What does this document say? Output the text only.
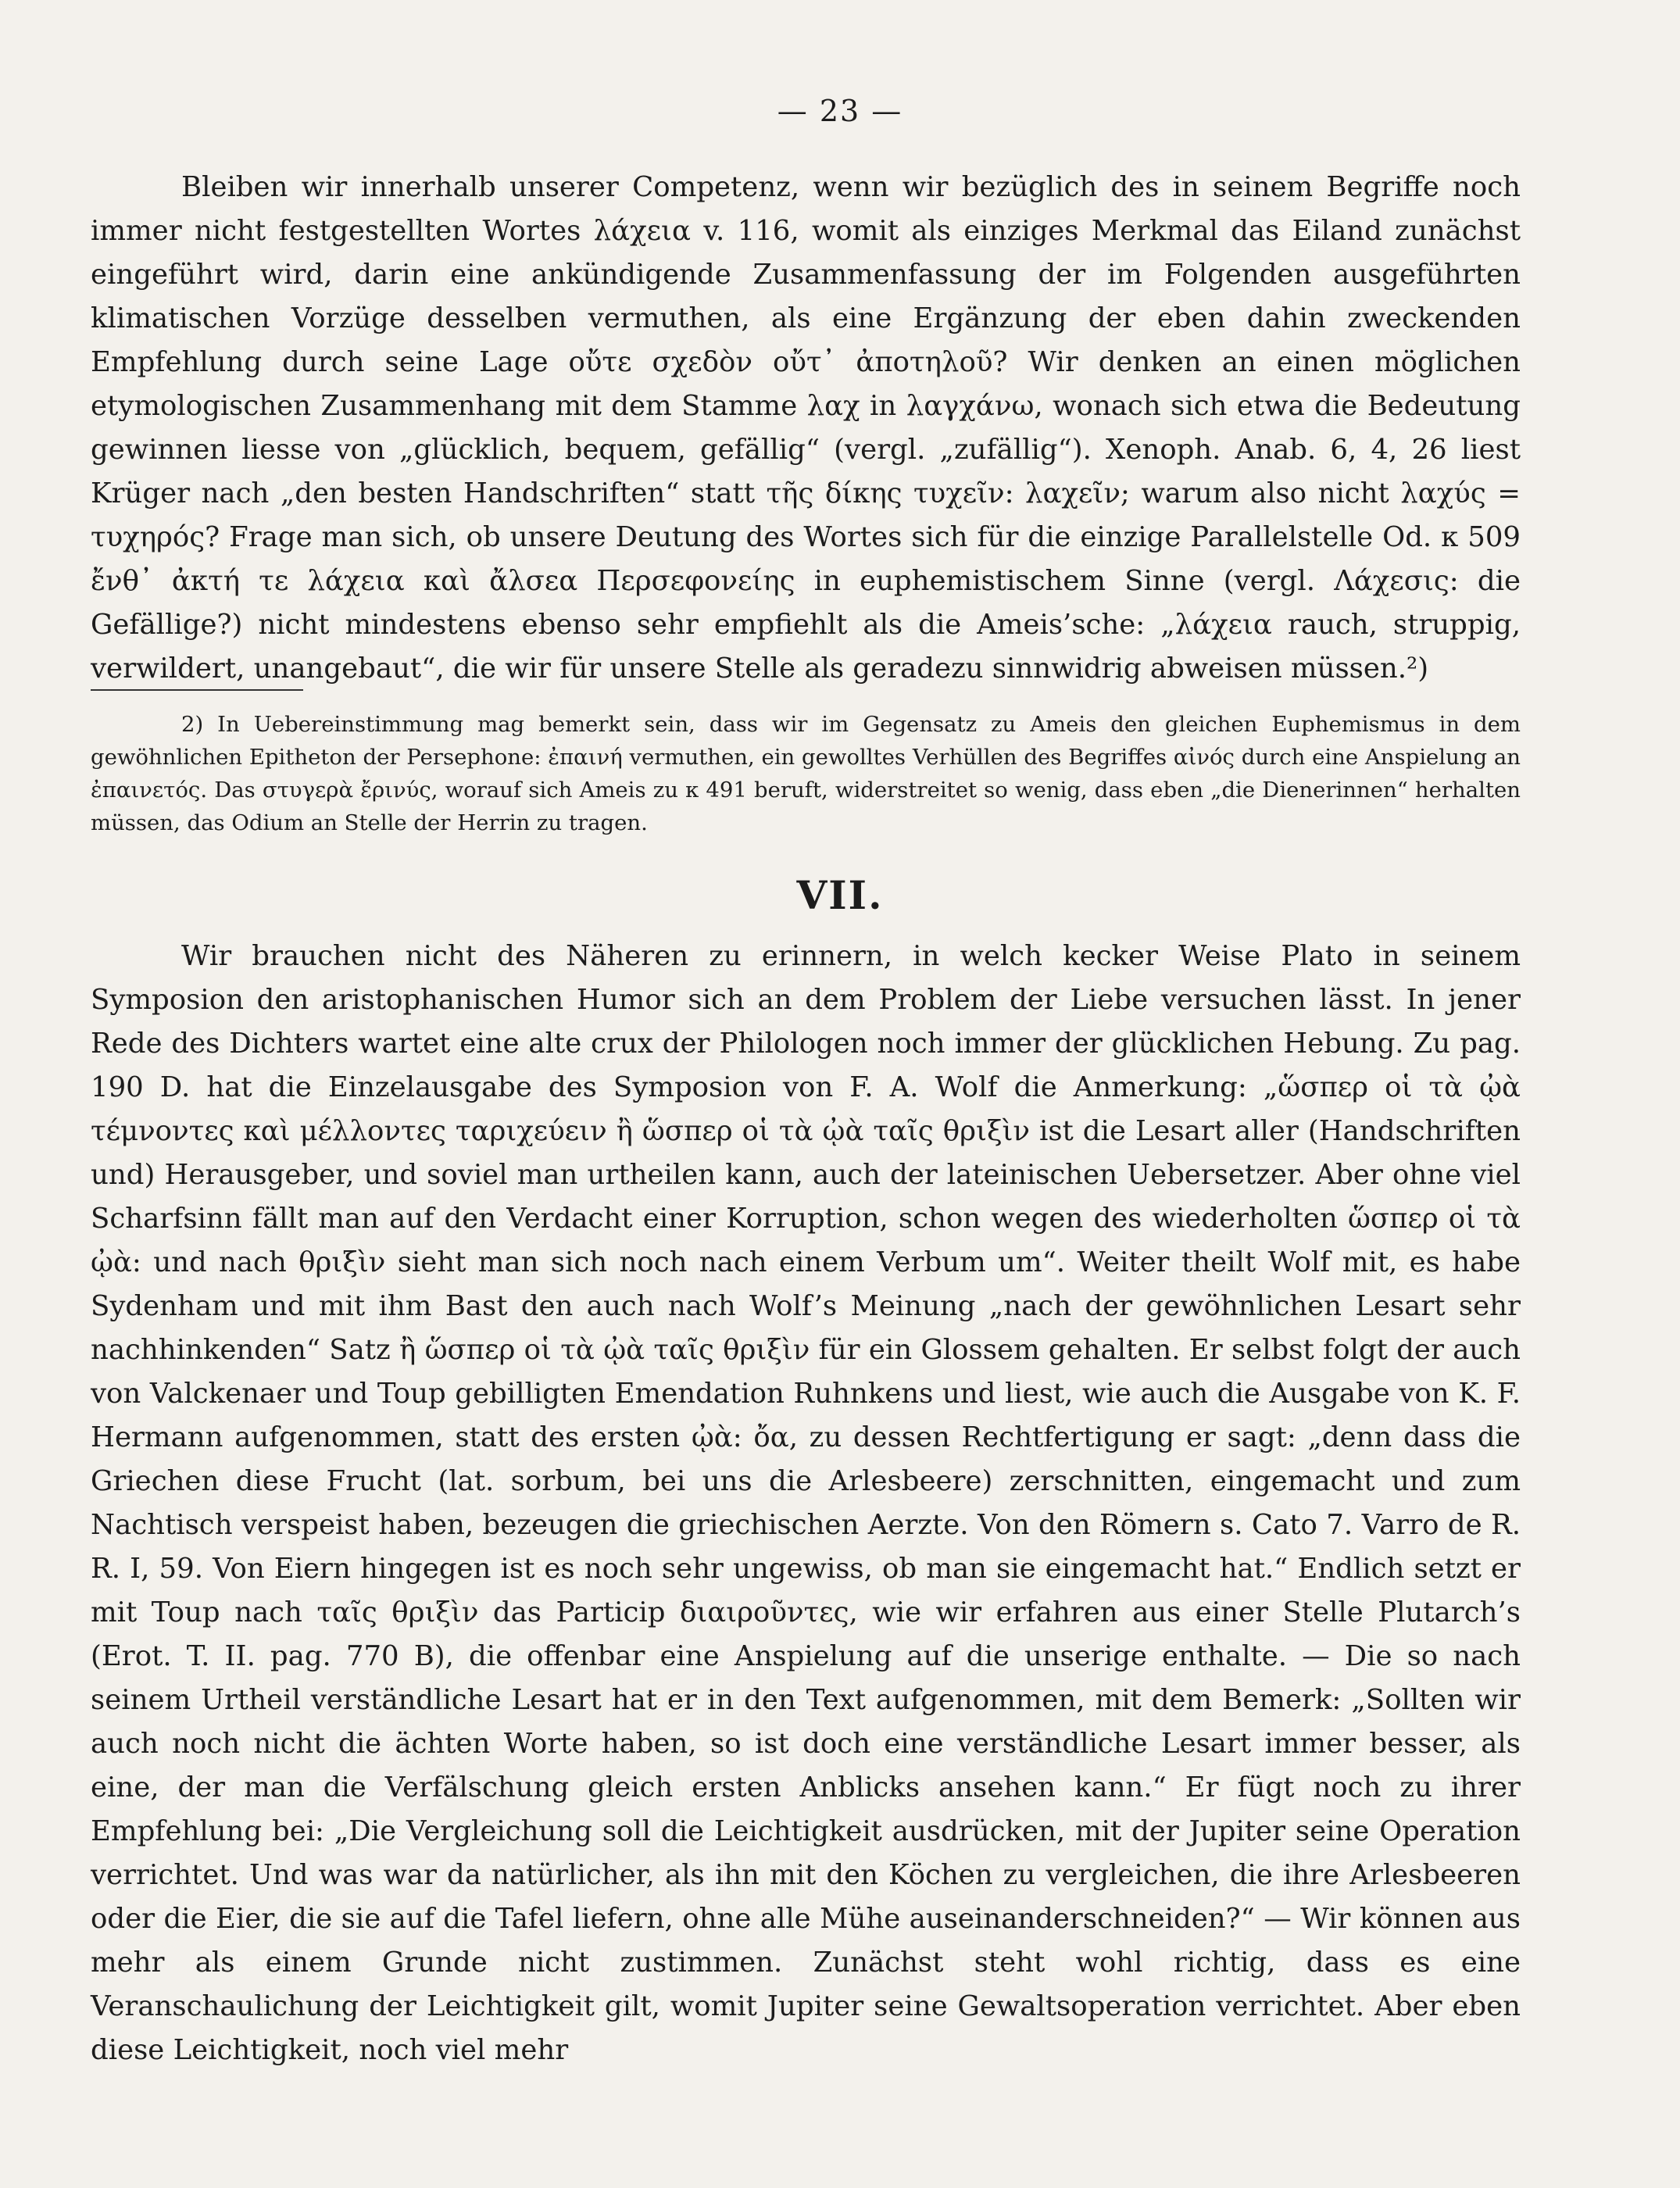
— 23 —

Bleiben wir innerhalb unserer Competenz, wenn wir bezüglich des in seinem Begriffe noch immer nicht festgestellten Wortes λάχεια v. 116, womit als einziges Merkmal das Eiland zunächst eingeführt wird, darin eine ankündigende Zusammenfassung der im Folgenden ausgeführten klimatischen Vorzüge desselben vermuthen, als eine Ergänzung der eben dahin zweckenden Empfehlung durch seine Lage οὔτε σχεδὸν οὔτ᾽ ἀποτηλοῦ? Wir denken an einen möglichen etymologischen Zusammenhang mit dem Stamme λαχ in λαγχάνω, wonach sich etwa die Bedeutung gewinnen liesse von „glücklich, bequem, gefällig“ (vergl. „zufällig“). Xenoph. Anab. 6, 4, 26 liest Krüger nach „den besten Handschriften“ statt τῆς δίκης τυχεῖν: λαχεῖν; warum also nicht λαχύς = τυχηρός? Frage man sich, ob unsere Deutung des Wortes sich für die einzige Parallelstelle Od. κ 509 ἔνθ᾽ ἀκτή τε λάχεια καὶ ἄλσεα Περσεφονείης in euphemistischem Sinne (vergl. Λάχεσις: die Gefällige?) nicht mindestens ebenso sehr empfiehlt als die Ameis’sche: „λάχεια rauch, struppig, verwildert, unangebaut“, die wir für unsere Stelle als geradezu sinnwidrig abweisen müssen.²)

2) In Uebereinstimmung mag bemerkt sein, dass wir im Gegensatz zu Ameis den gleichen Euphemismus in dem gewöhnlichen Epitheton der Persephone: ἐπαινή vermuthen, ein gewolltes Verhüllen des Begriffes αἰνός durch eine Anspielung an ἐπαινετός. Das στυγερὰ ἔρινύς, worauf sich Ameis zu κ 491 beruft, widerstreitet so wenig, dass eben „die Dienerinnen“ herhalten müssen, das Odium an Stelle der Herrin zu tragen.

VII.

Wir brauchen nicht des Näheren zu erinnern, in welch kecker Weise Plato in seinem Symposion den aristophanischen Humor sich an dem Problem der Liebe versuchen lässt. In jener Rede des Dichters wartet eine alte crux der Philologen noch immer der glücklichen Hebung. Zu pag. 190 D. hat die Einzelausgabe des Symposion von F. A. Wolf die Anmerkung: „ὥσπερ οἱ τὰ ᾠὰ τέμνοντες καὶ μέλλοντες ταριχεύειν ἢ ὥσπερ οἱ τὰ ᾠὰ ταῖς θριξὶν ist die Lesart aller (Handschriften und) Herausgeber, und soviel man urtheilen kann, auch der lateinischen Uebersetzer. Aber ohne viel Scharfsinn fällt man auf den Verdacht einer Korruption, schon wegen des wiederholten ὥσπερ οἱ τὰ ᾠὰ: und nach θριξὶν sieht man sich noch nach einem Verbum um“. Weiter theilt Wolf mit, es habe Sydenham und mit ihm Bast den auch nach Wolf’s Meinung „nach der gewöhnlichen Lesart sehr nachhinkenden“ Satz ἢ ὥσπερ οἱ τὰ ᾠὰ ταῖς θριξὶν für ein Glossem gehalten. Er selbst folgt der auch von Valckenaer und Toup gebilligten Emendation Ruhnkens und liest, wie auch die Ausgabe von K. F. Hermann aufgenommen, statt des ersten ᾠὰ: ὄα, zu dessen Rechtfertigung er sagt: „denn dass die Griechen diese Frucht (lat. sorbum, bei uns die Arlesbeere) zerschnitten, eingemacht und zum Nachtisch verspeist haben, bezeugen die griechischen Aerzte. Von den Römern s. Cato 7. Varro de R. R. I, 59. Von Eiern hingegen ist es noch sehr ungewiss, ob man sie eingemacht hat.“ Endlich setzt er mit Toup nach ταῖς θριξὶν das Particip διαιροῦντες, wie wir erfahren aus einer Stelle Plutarch’s (Erot. T. II. pag. 770 B), die offenbar eine Anspielung auf die unserige enthalte. — Die so nach seinem Urtheil verständliche Lesart hat er in den Text aufgenommen, mit dem Bemerk: „Sollten wir auch noch nicht die ächten Worte haben, so ist doch eine verständliche Lesart immer besser, als eine, der man die Verfälschung gleich ersten Anblicks ansehen kann.“ Er fügt noch zu ihrer Empfehlung bei: „Die Vergleichung soll die Leichtigkeit ausdrücken, mit der Jupiter seine Operation verrichtet. Und was war da natürlicher, als ihn mit den Köchen zu vergleichen, die ihre Arlesbeeren oder die Eier, die sie auf die Tafel liefern, ohne alle Mühe auseinanderschneiden?“ — Wir können aus mehr als einem Grunde nicht zustimmen. Zunächst steht wohl richtig, dass es eine Veranschaulichung der Leichtigkeit gilt, womit Jupiter seine Gewaltsoperation verrichtet. Aber eben diese Leichtigkeit, noch viel mehr
